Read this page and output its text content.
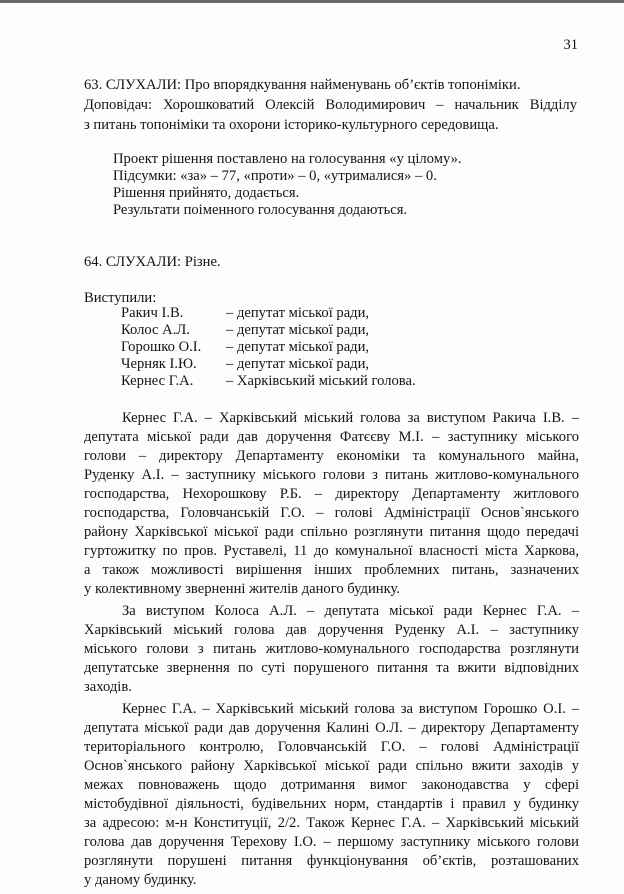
31
63. СЛУХАЛИ: Про впорядкування найменувань об’єктів топоніміки.
Доповідач: Хорошковатий Олексій Володимирович – начальник Відділу
з питань топоніміки та охорони історико-культурного середовища.
Проект рішення поставлено на голосування «у цілому».
Підсумки: «за» – 77, «проти» – 0, «утрималися» – 0.
Рішення прийнято, додається.
Результати поіменного голосування додаються.
64. СЛУХАЛИ: Різне.
Виступили:
Ракич І.В.	– депутат міської ради,
Колос А.Л. – депутат міської ради,
Горошко О.І. – депутат міської ради,
Черняк І.Ю. – депутат міської ради,
Кернес Г.А. – Харківський міський голова.
Кернес Г.А. – Харківський міський голова за виступом Ракича І.В. –
депутата міської ради дав доручення Фатєєву М.І. – заступнику міського
голови – директору Департаменту економіки та комунального майна,
Руденку А.І. – заступнику міського голови з питань житлово-комунального
господарства, Нехорошкову Р.Б. – директору Департаменту житлового
господарства, Головчанській Г.О. – голові Адміністрації Основ`янського
району Харківської міської ради спільно розглянути питання щодо передачі
гуртожитку по пров. Руставелі, 11 до комунальної власності міста Харкова,
а також можливості вирішення інших проблемних питань, зазначених
у колективному зверненні жителів даного будинку.
За виступом Колоса А.Л. – депутата міської ради Кернес Г.А. –
Харківський міський голова дав доручення Руденку А.І. – заступнику
міського голови з питань житлово-комунального господарства розглянути
депутатське звернення по суті порушеного питання та вжити відповідних
заходів.
Кернес Г.А. – Харківський міський голова за виступом Горошко О.І. –
депутата міської ради дав доручення Калині О.Л. – директору Департаменту
територіального контролю, Головчанській Г.О. – голові Адміністрації
Основ`янського району Харківської міської ради спільно вжити заходів у
межах повноважень щодо дотримання вимог законодавства у сфері
містобудівної діяльності, будівельних норм, стандартів і правил у будинку
за адресою: м-н Конституції, 2/2. Також Кернес Г.А. – Харківський міський
голова дав доручення Терехову І.О. – першому заступнику міського голови
розглянути порушені питання функціонування об’єктів, розташованих
у даному будинку.
